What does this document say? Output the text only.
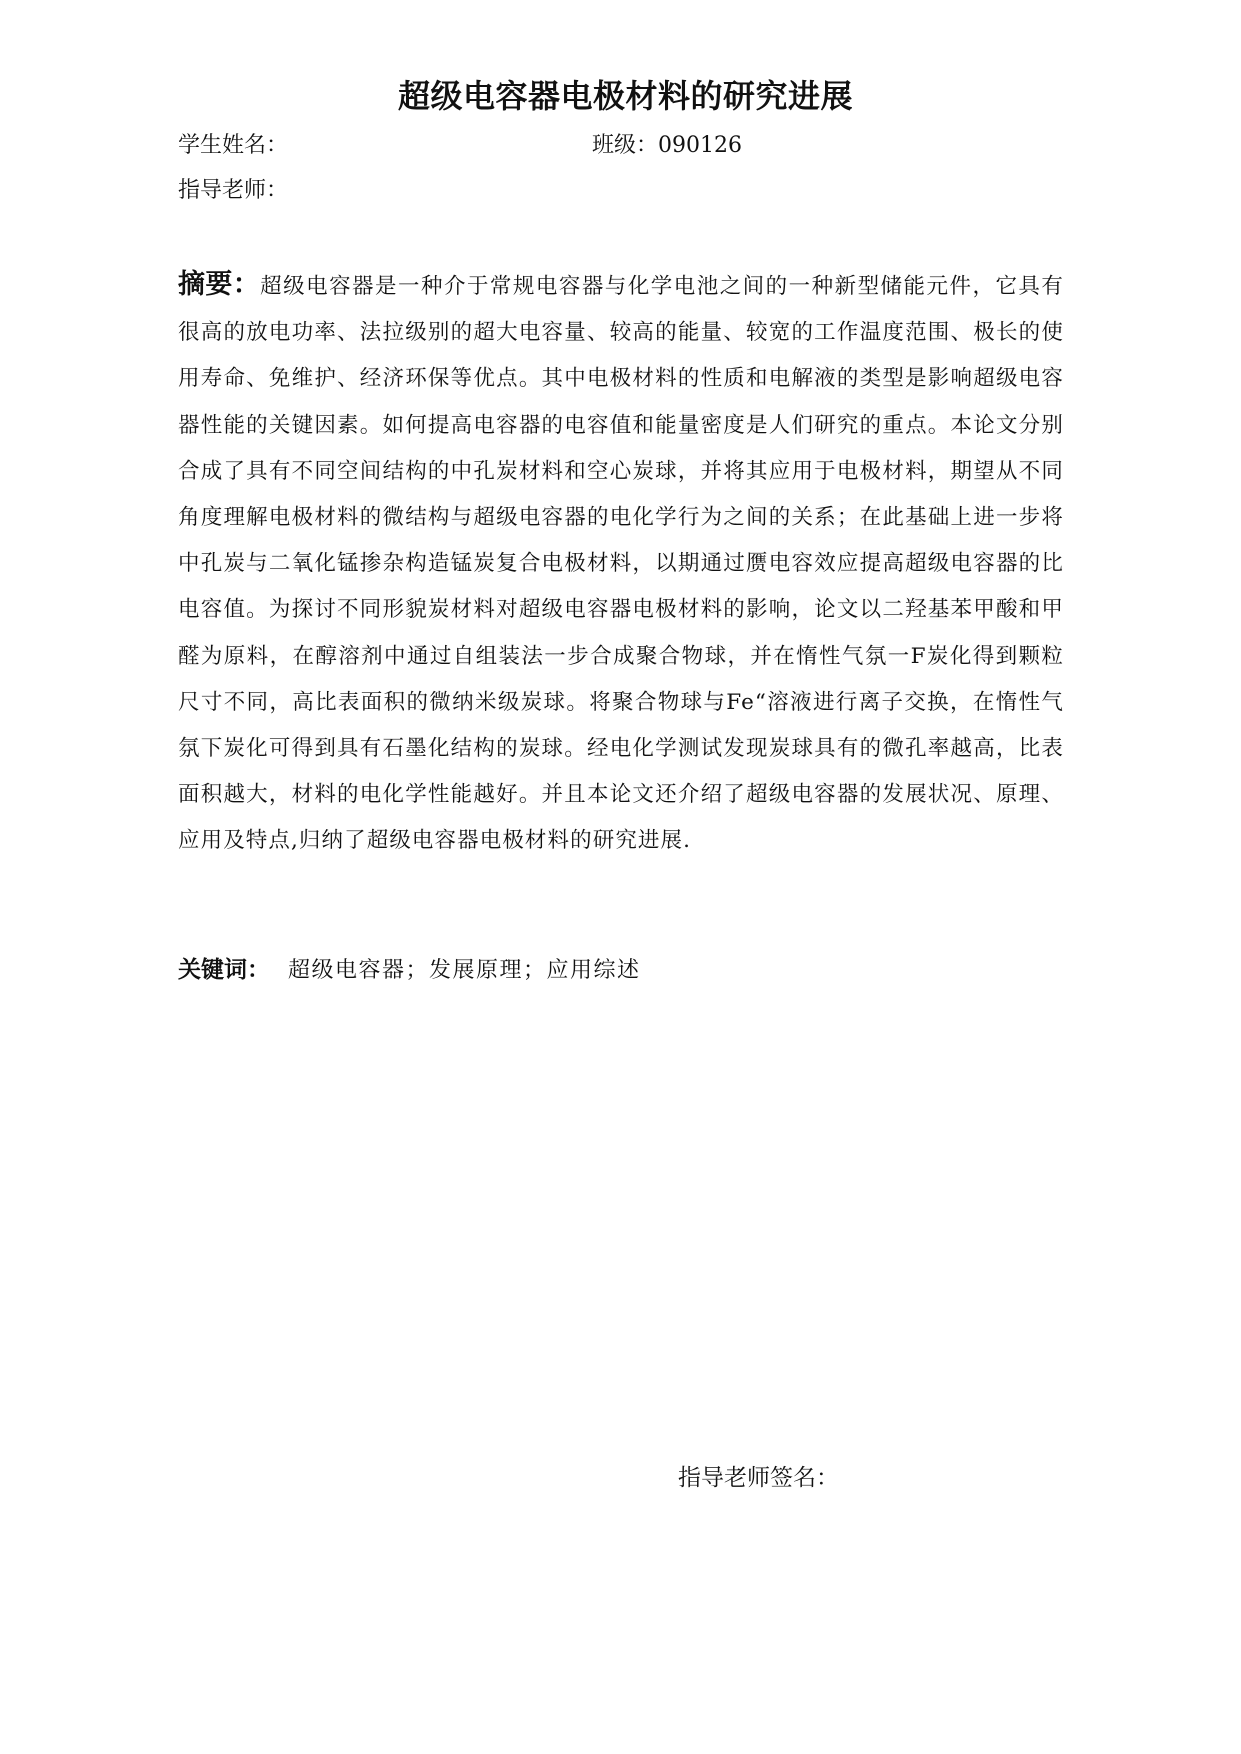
超级电容器电极材料的研究进展
学生姓名：	班级：090126
指导老师：
摘要：超级电容器是一种介于常规电容器与化学电池之间的一种新型储能元件，它具有很高的放电功率、法拉级别的超大电容量、较高的能量、较宽的工作温度范围、极长的使用寿命、免维护、经济环保等优点。其中电极材料的性质和电解液的类型是影响超级电容器性能的关键因素。如何提高电容器的电容值和能量密度是人们研究的重点。本论文分别合成了具有不同空间结构的中孔炭材料和空心炭球，并将其应用于电极材料，期望从不同角度理解电极材料的微结构与超级电容器的电化学行为之间的关系；在此基础上进一步将中孔炭与二氧化锰掺杂构造锰炭复合电极材料，以期通过赝电容效应提高超级电容器的比电容值。为探讨不同形貌炭材料对超级电容器电极材料的影响，论文以二羟基苯甲酸和甲醛为原料，在醇溶剂中通过自组装法一步合成聚合物球，并在惰性气氛一F炭化得到颗粒尺寸不同，高比表面积的微纳米级炭球。将聚合物球与Fe“溶液进行离子交换，在惰性气氛下炭化可得到具有石墨化结构的炭球。经电化学测试发现炭球具有的微孔率越高，比表面积越大，材料的电化学性能越好。并且本论文还介绍了超级电容器的发展状况、原理、应用及特点,归纳了超级电容器电极材料的研究进展.
关键词： 超级电容器；发展原理；应用综述
指导老师签名：
